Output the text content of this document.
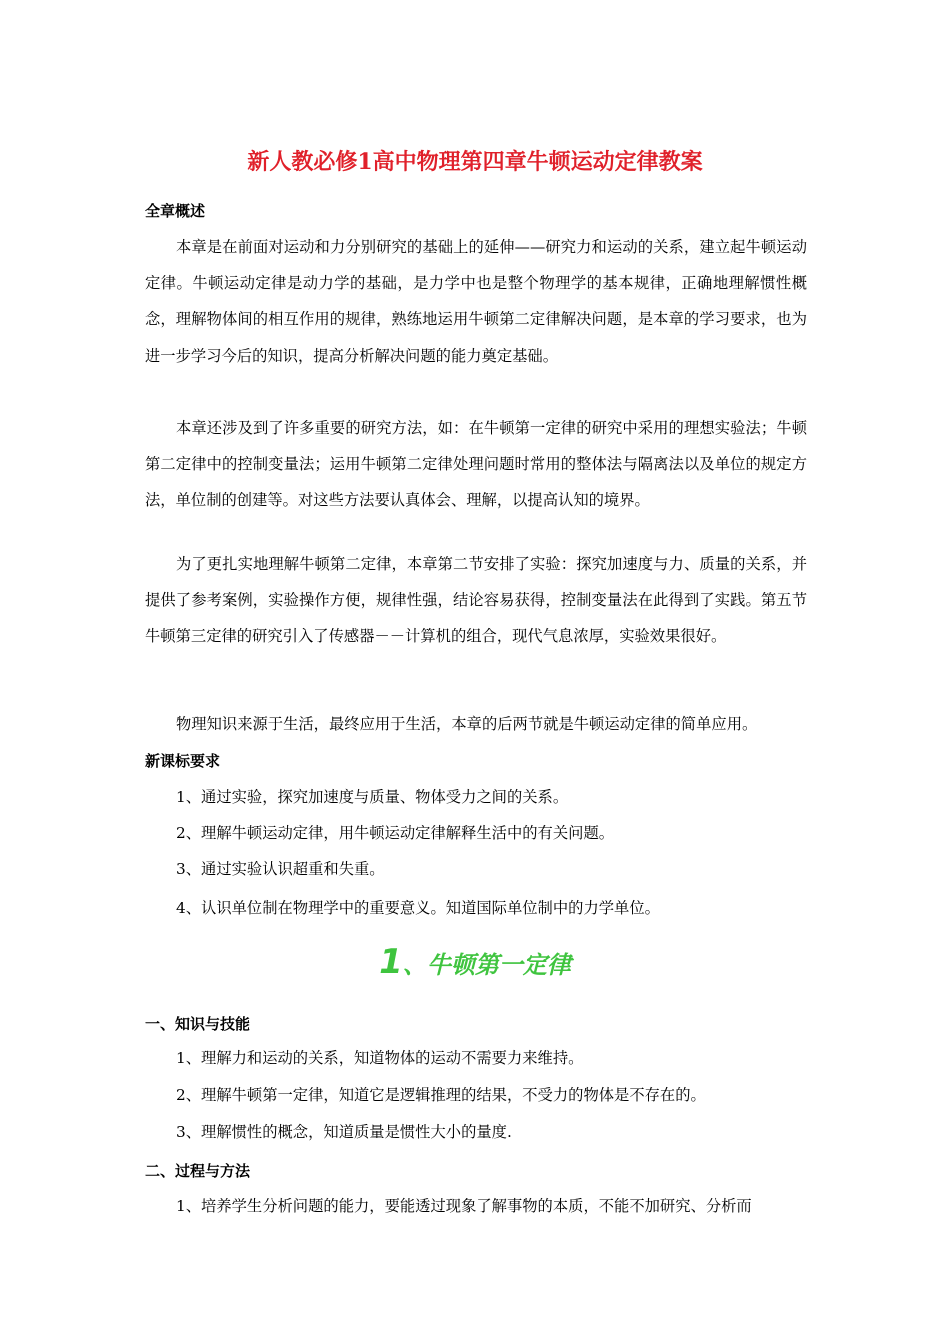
新人教必修1高中物理第四章牛顿运动定律教案
全章概述
本章是在前面对运动和力分别研究的基础上的延伸——研究力和运动的关系，建立起牛顿运动定律。牛顿运动定律是动力学的基础，是力学中也是整个物理学的基本规律，正确地理解惯性概念，理解物体间的相互作用的规律，熟练地运用牛顿第二定律解决问题，是本章的学习要求，也为进一步学习今后的知识，提高分析解决问题的能力奠定基础。
本章还涉及到了许多重要的研究方法，如：在牛顿第一定律的研究中采用的理想实验法；牛顿第二定律中的控制变量法；运用牛顿第二定律处理问题时常用的整体法与隔离法以及单位的规定方法，单位制的创建等。对这些方法要认真体会、理解，以提高认知的境界。
为了更扎实地理解牛顿第二定律，本章第二节安排了实验：探究加速度与力、质量的关系，并提供了参考案例，实验操作方便，规律性强，结论容易获得，控制变量法在此得到了实践。第五节牛顿第三定律的研究引入了传感器－－计算机的组合，现代气息浓厚，实验效果很好。
物理知识来源于生活，最终应用于生活，本章的后两节就是牛顿运动定律的简单应用。
新课标要求
1、通过实验，探究加速度与质量、物体受力之间的关系。
2、理解牛顿运动定律，用牛顿运动定律解释生活中的有关问题。
3、通过实验认识超重和失重。
4、认识单位制在物理学中的重要意义。知道国际单位制中的力学单位。
1、牛顿第一定律
一、知识与技能
1、理解力和运动的关系，知道物体的运动不需要力来维持。
2、理解牛顿第一定律，知道它是逻辑推理的结果，不受力的物体是不存在的。
3、理解惯性的概念，知道质量是惯性大小的量度.
二、过程与方法
1、培养学生分析问题的能力，要能透过现象了解事物的本质，不能不加研究、分析而
